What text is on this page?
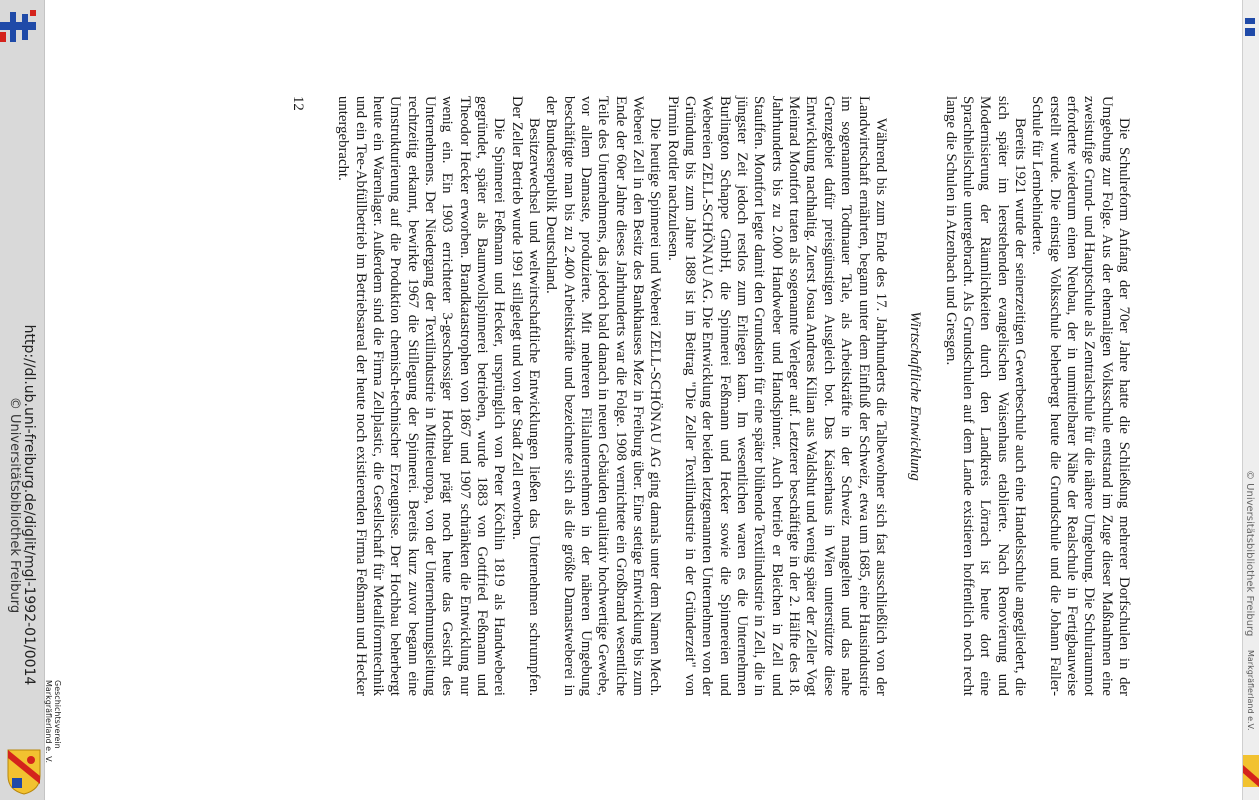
http://dl.ub.uni-freiburg.de/diglit/mgl-1992-01/0014
© Universitätsbibliothek Freiburg
Geschichtsverein
Markgräflerland e. V.
© Universitätsbibliothek Freiburg
Markgräflerland e.V.

Die Schulreform Anfang der 70er Jahre hatte die Schließung mehrerer Dorfschulen in der Umgebung zur Folge. Aus der ehemaligen Volksschule entstand im Zuge dieser Maßnahmen eine zweistufige Grund- und Hauptschule als Zentralschule für die nähere Umgebung. Die Schulraumnot erforderte wiederum einen Neubau, der in unmittelbarer Nähe der Realschule in Fertigbauweise erstellt wurde. Die einstige Volksschule beherbergt heute die Grundschule und die Johann Faller-Schule für Lernbehinderte.

Bereits 1921 wurde der seinerzeitigen Gewerbeschule auch eine Handelsschule angegliedert, die sich später im leerstehenden evangelischen Waisenhaus etablierte. Nach Renovierung und Modernisierung der Räumlichkeiten durch den Landkreis Lörrach ist heute dort eine Sprachheilschule untergebracht. Als Grundschulen auf dem Lande existieren hoffentlich noch recht lange die Schulen in Atzenbach und Gresgen.

Wirtschaftliche Entwicklung

Während bis zum Ende des 17. Jahrhunderts die Talbewohner sich fast ausschließlich von der Landwirtschaft ernährten, begann unter dem Einfluß der Schweiz, etwa um 1685, eine Hausindustrie im sogenannten Todtnauer Tale, als Arbeitskräfte in der Schweiz mangelten und das nahe Grenzgebiet dafür preisgünstigen Ausgleich bot. Das Kaiserhaus in Wien unterstützte diese Entwicklung nachhaltig. Zuerst Josua Andreas Kilian aus Waldshut und wenig später der Zeller Vogt Meinrad Montfort traten als sogenannte Verleger auf. Letzterer beschäftigte in der 2. Hälfte des 18. Jahrhunderts bis zu 2.000 Handweber und Handspinner. Auch betrieb er Bleichen in Zell und Stauffen. Montfort legte damit den Grundstein für eine später blühende Textilindustrie in Zell, die in jüngster Zeit jedoch restlos zum Erliegen kam. Im wesentlichen waren es die Unternehmen Burlington Schappe GmbH, die Spinnerei Feßmann und Hecker sowie die Spinnereien und Webereien ZELL-SCHÖNAU AG. Die Entwicklung der beiden letztgenannten Unternehmen von der Gründung bis zum Jahre 1889 ist im Beitrag "Die Zeller Textilindustrie in der Gründerzeit" von Pirmin Rottler nachzulesen.

Die heutige Spinnerei und Weberei ZELL-SCHÖNAU AG ging damals unter dem Namen Mech. Weberei Zell in den Besitz des Bankhauses Mez in Freiburg über. Eine stetige Entwicklung bis zum Ende der 60er Jahre dieses Jahrhunderts war die Folge. 1908 vernichtete ein Großbrand wesentliche Teile des Unternehmens, das jedoch bald danach in neuen Gebäuden qualitativ hochwertige Gewebe, vor allem Damaste, produzierte. Mit mehreren Filialunternehmen in der näheren Umgebung beschäftigte man bis zu 2.400 Arbeitskräfte und bezeichnete sich als die größte Damastweberei in der Bundesrepublik Deutschland.

Besitzerwechsel und weltwirtschaftliche Entwicklungen ließen das Unternehmen schrumpfen. Der Zeller Betrieb wurde 1991 stillgelegt und von der Stadt Zell erworben.

Die Spinnerei Feßmann und Hecker, ursprünglich von Peter Köchlin 1819 als Handweberei gegründet, später als Baumwollspinnerei betrieben, wurde 1883 von Gottfried Feßmann und Theodor Hecker erworben. Brandkatastrophen von 1867 und 1907 schränkten die Entwicklung nur wenig ein. Ein 1903 errichteter 3-geschossiger Hochbau prägt noch heute das Gesicht des Unternehmens. Der Niedergang der Textilindustrie in Mitteleuropa, von der Unternehmungsleitung rechtzeitig erkannt, bewirkte 1967 die Stillegung der Spinnerei. Bereits kurz zuvor begann eine Umstrukturierung auf die Produktion chemisch-technischer Erzeugnisse. Der Hochbau beherbergt heute ein Warenlager. Außerdem sind die Firma Zellplastic, die Gesellschaft für Metallformtechnik und ein Tee-Abfüllbetrieb im Betriebsareal der heute noch existierenden Firma Feßmann und Hecker untergebracht.

12
